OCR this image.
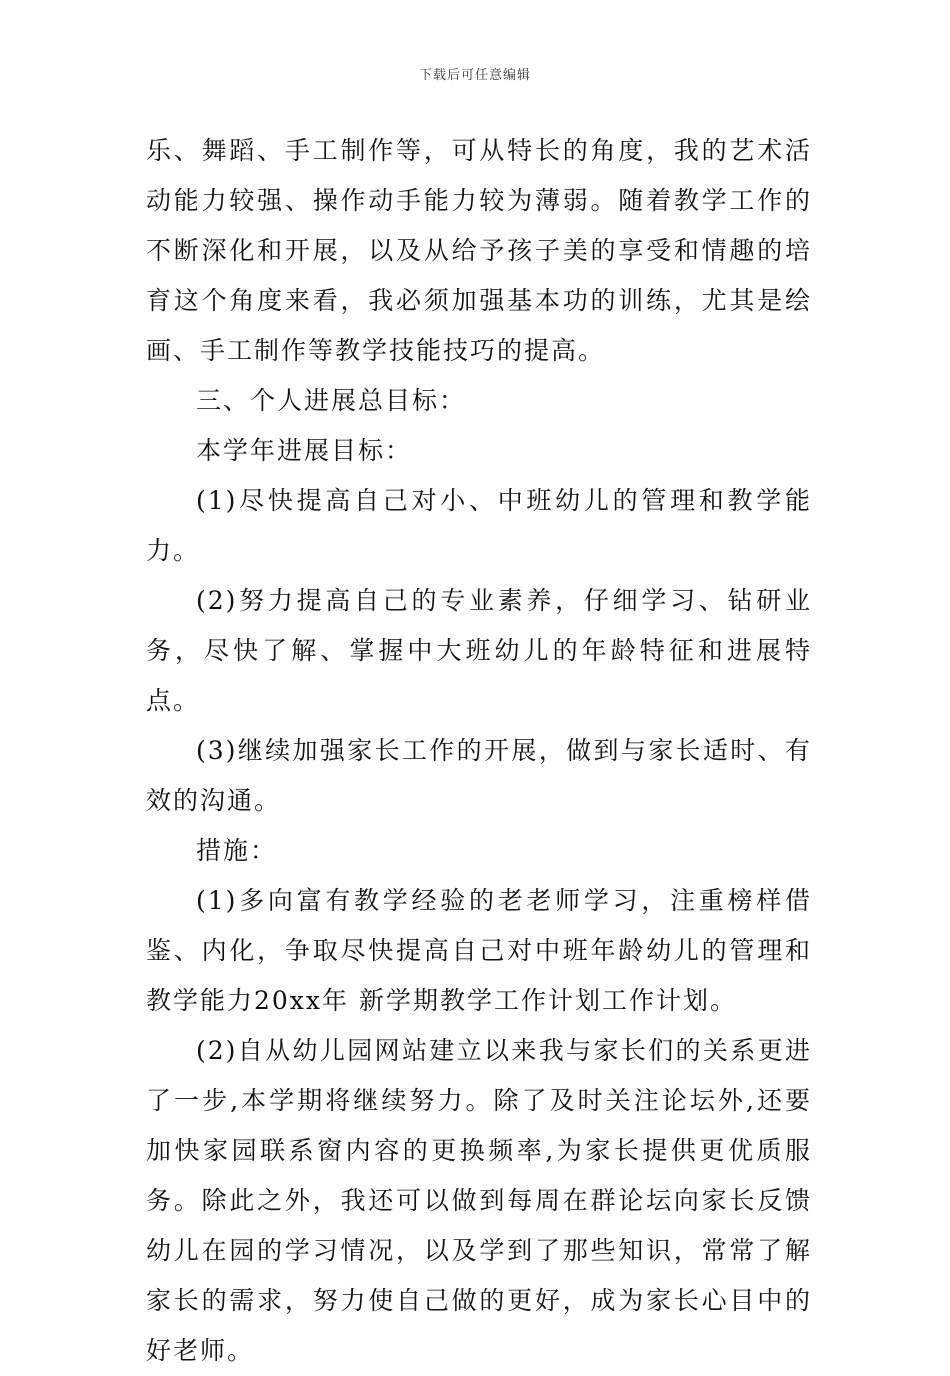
下载后可任意编辑

乐、舞蹈、手工制作等，可从特长的角度，我的艺术活动能力较强、操作动手能力较为薄弱。随着教学工作的不断深化和开展，以及从给予孩子美的享受和情趣的培育这个角度来看，我必须加强基本功的训练，尤其是绘画、手工制作等教学技能技巧的提高。

三、个人进展总目标：

本学年进展目标：

(1)尽快提高自己对小、中班幼儿的管理和教学能力。

(2)努力提高自己的专业素养，仔细学习、钻研业务，尽快了解、掌握中大班幼儿的年龄特征和进展特点。

(3)继续加强家长工作的开展，做到与家长适时、有效的沟通。

措施：

(1)多向富有教学经验的老老师学习，注重榜样借鉴、内化，争取尽快提高自己对中班年龄幼儿的管理和教学能力20xx年 新学期教学工作计划工作计划。

(2)自从幼儿园网站建立以来我与家长们的关系更进了一步,本学期将继续努力。除了及时关注论坛外,还要加快家园联系窗内容的更换频率,为家长提供更优质服务。除此之外，我还可以做到每周在群论坛向家长反馈幼儿在园的学习情况，以及学到了那些知识，常常了解家长的需求，努力使自己做的更好，成为家长心目中的好老师。
